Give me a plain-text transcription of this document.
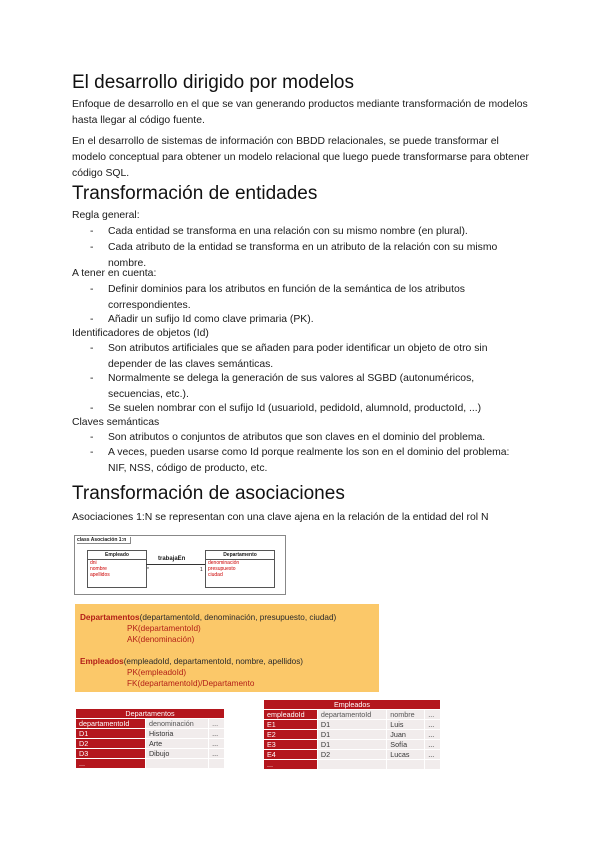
El desarrollo dirigido por modelos

Enfoque de desarrollo en el que se van generando productos mediante transformación de modelos hasta llegar al código fuente.

En el desarrollo de sistemas de información con BBDD relacionales, se puede transformar el modelo conceptual para obtener un modelo relacional que luego puede transformarse para obtener código SQL.

Transformación de entidades
Regla general:
- Cada entidad se transforma en una relación con su mismo nombre (en plural).
- Cada atributo de la entidad se transforma en un atributo de la relación con su mismo nombre.
A tener en cuenta:
- Definir dominios para los atributos en función de la semántica de los atributos correspondientes.
- Añadir un sufijo Id como clave primaria (PK).
Identificadores de objetos (Id)
- Son atributos artificiales que se añaden para poder identificar un objeto de otro sin depender de las claves semánticas.
- Normalmente se delega la generación de sus valores al SGBD (autonuméricos, secuencias, etc.).
- Se suelen nombrar con el sufijo Id (usuarioId, pedidoId, alumnoId, productoId, ...)
Claves semánticas
- Son atributos o conjuntos de atributos que son claves en el dominio del problema.
- A veces, pueden usarse como Id porque realmente los son en el dominio del problema: NIF, NSS, código de producto, etc.
Transformación de asociaciones
Asociaciones 1:N se representan con una clave ajena en la relación de la entidad del rol N
class Asociación 1:n
Empleado
dni
nombre
apellidos
trabajaEn
*	1
Departamento
denominación
presupuesto
ciudad
Departamentos(departamentoId, denominación, presupuesto, ciudad)
PK(departamentoId)
AK(denominación)
Empleados(empleadoId, departamentoId, nombre, apellidos)
PK(empleadoId)
FK(departamentoId)/Departamento
Departamentos		
departamentoId	denominación	...
D1	Historia	...
D2	Arte	...
D3	Dibujo	...
...		
Empleados			
empleadoId	departamentoId	nombre	...
E1	D1	Luis	...
E2	D1	Juan	...
E3	D1	Sofía	...
E4	D2	Lucas	...
...			
